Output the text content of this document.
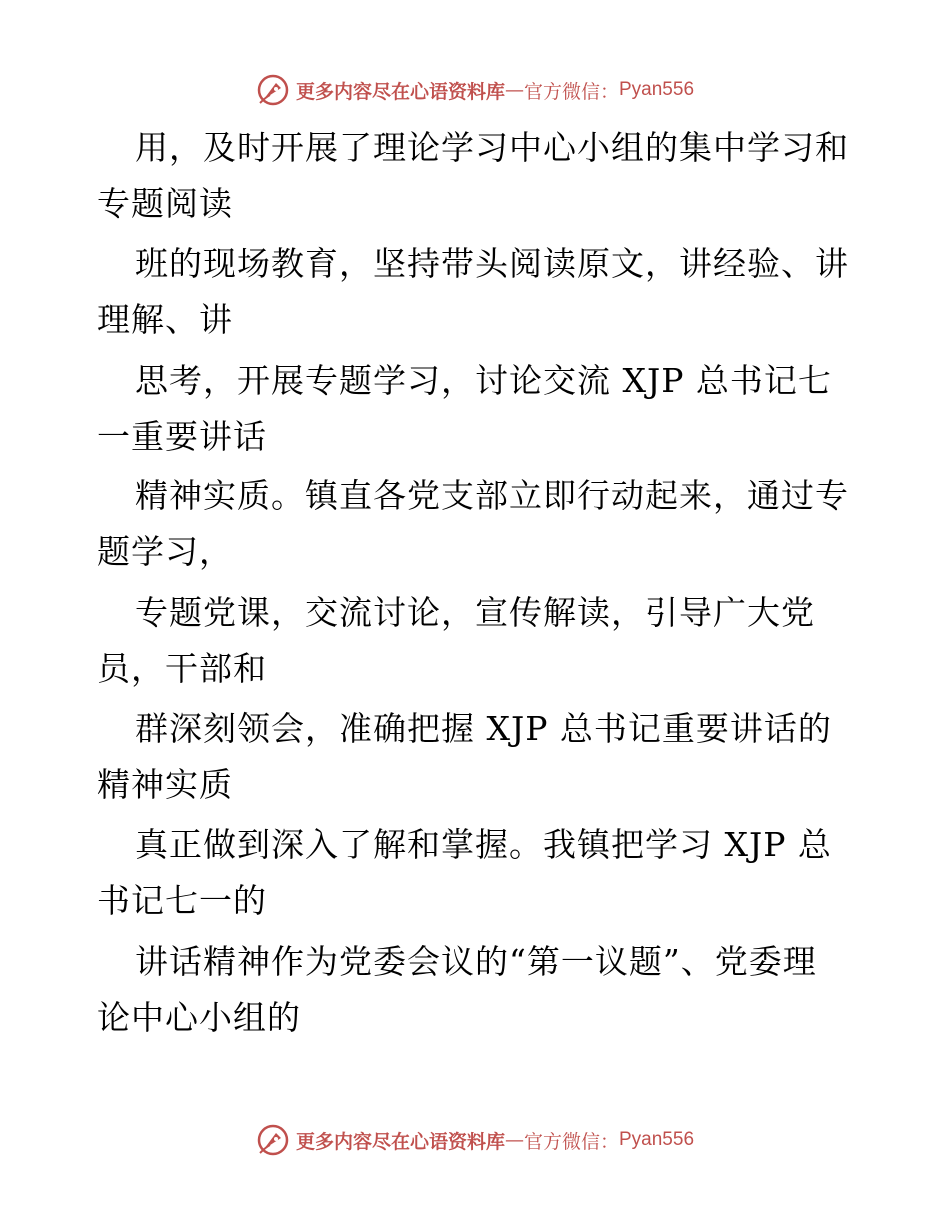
更多内容尽在心语资料库 — 官方微信： Pyan556
用，及时开展了理论学习中心小组的集中学习和
专题阅读
班的现场教育，坚持带头阅读原文，讲经验、讲
理解、讲
思考，开展专题学习，讨论交流 XJP 总书记七
一重要讲话
精神实质。镇直各党支部立即行动起来，通过专
题学习，
专题党课，交流讨论，宣传解读，引导广大党
员，干部和
群深刻领会，准确把握 XJP 总书记重要讲话的
精神实质
真正做到深入了解和掌握。我镇把学习 XJP 总
书记七一的
讲话精神作为党委会议的“第一议题”、党委理
论中心小组的
更多内容尽在心语资料库 — 官方微信： Pyan556
